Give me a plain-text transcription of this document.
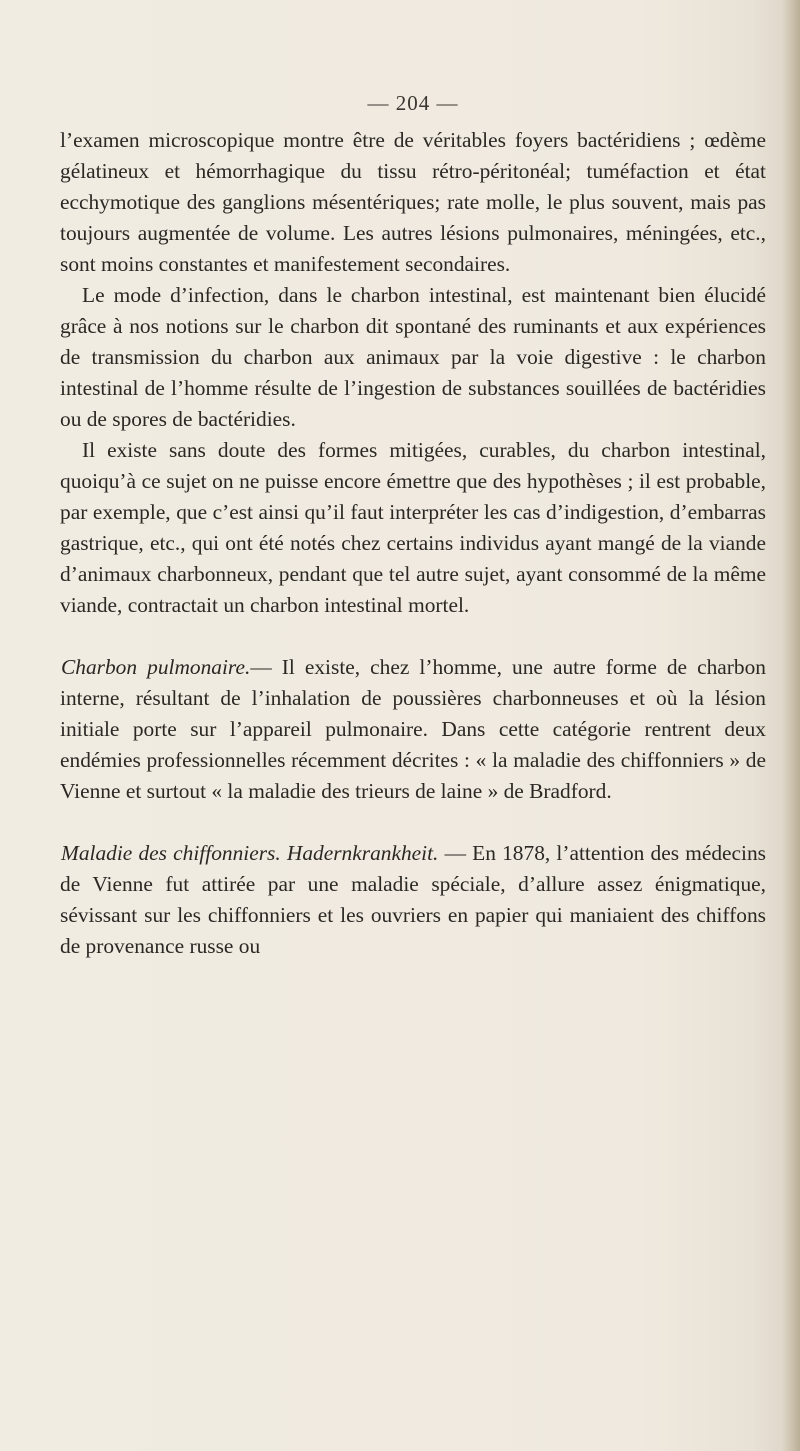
— 204 —

l’examen microscopique montre être de véritables foyers bactéridiens ; œdème gélatineux et hémorrhagique du tissu rétro-péritonéal; tuméfaction et état ecchymotique des ganglions mésentériques; rate molle, le plus souvent, mais pas toujours augmentée de volume. Les autres lésions pulmonaires, méningées, etc., sont moins constantes et manifestement secondaires.

Le mode d’infection, dans le charbon intestinal, est maintenant bien élucidé grâce à nos notions sur le charbon dit spontané des ruminants et aux expériences de transmission du charbon aux animaux par la voie digestive : le charbon intestinal de l’homme résulte de l’ingestion de substances souillées de bactéridies ou de spores de bactéridies.

Il existe sans doute des formes mitigées, curables, du charbon intestinal, quoiqu’à ce sujet on ne puisse encore émettre que des hypothèses ; il est probable, par exemple, que c’est ainsi qu’il faut interpréter les cas d’indigestion, d’embarras gastrique, etc., qui ont été notés chez certains individus ayant mangé de la viande d’animaux charbonneux, pendant que tel autre sujet, ayant consommé de la même viande, contractait un charbon intestinal mortel.

Charbon pulmonaire.— Il existe, chez l’homme, une autre forme de charbon interne, résultant de l’inhalation de poussières charbonneuses et où la lésion initiale porte sur l’appareil pulmonaire. Dans cette catégorie rentrent deux endémies professionnelles récemment décrites : « la maladie des chiffonniers » de Vienne et surtout « la maladie des trieurs de laine » de Bradford.

Maladie des chiffonniers. Hadernkrankheit. — En 1878, l’attention des médecins de Vienne fut attirée par une maladie spéciale, d’allure assez énigmatique, sévissant sur les chiffonniers et les ouvriers en papier qui maniaient des chiffons de provenance russe ou
